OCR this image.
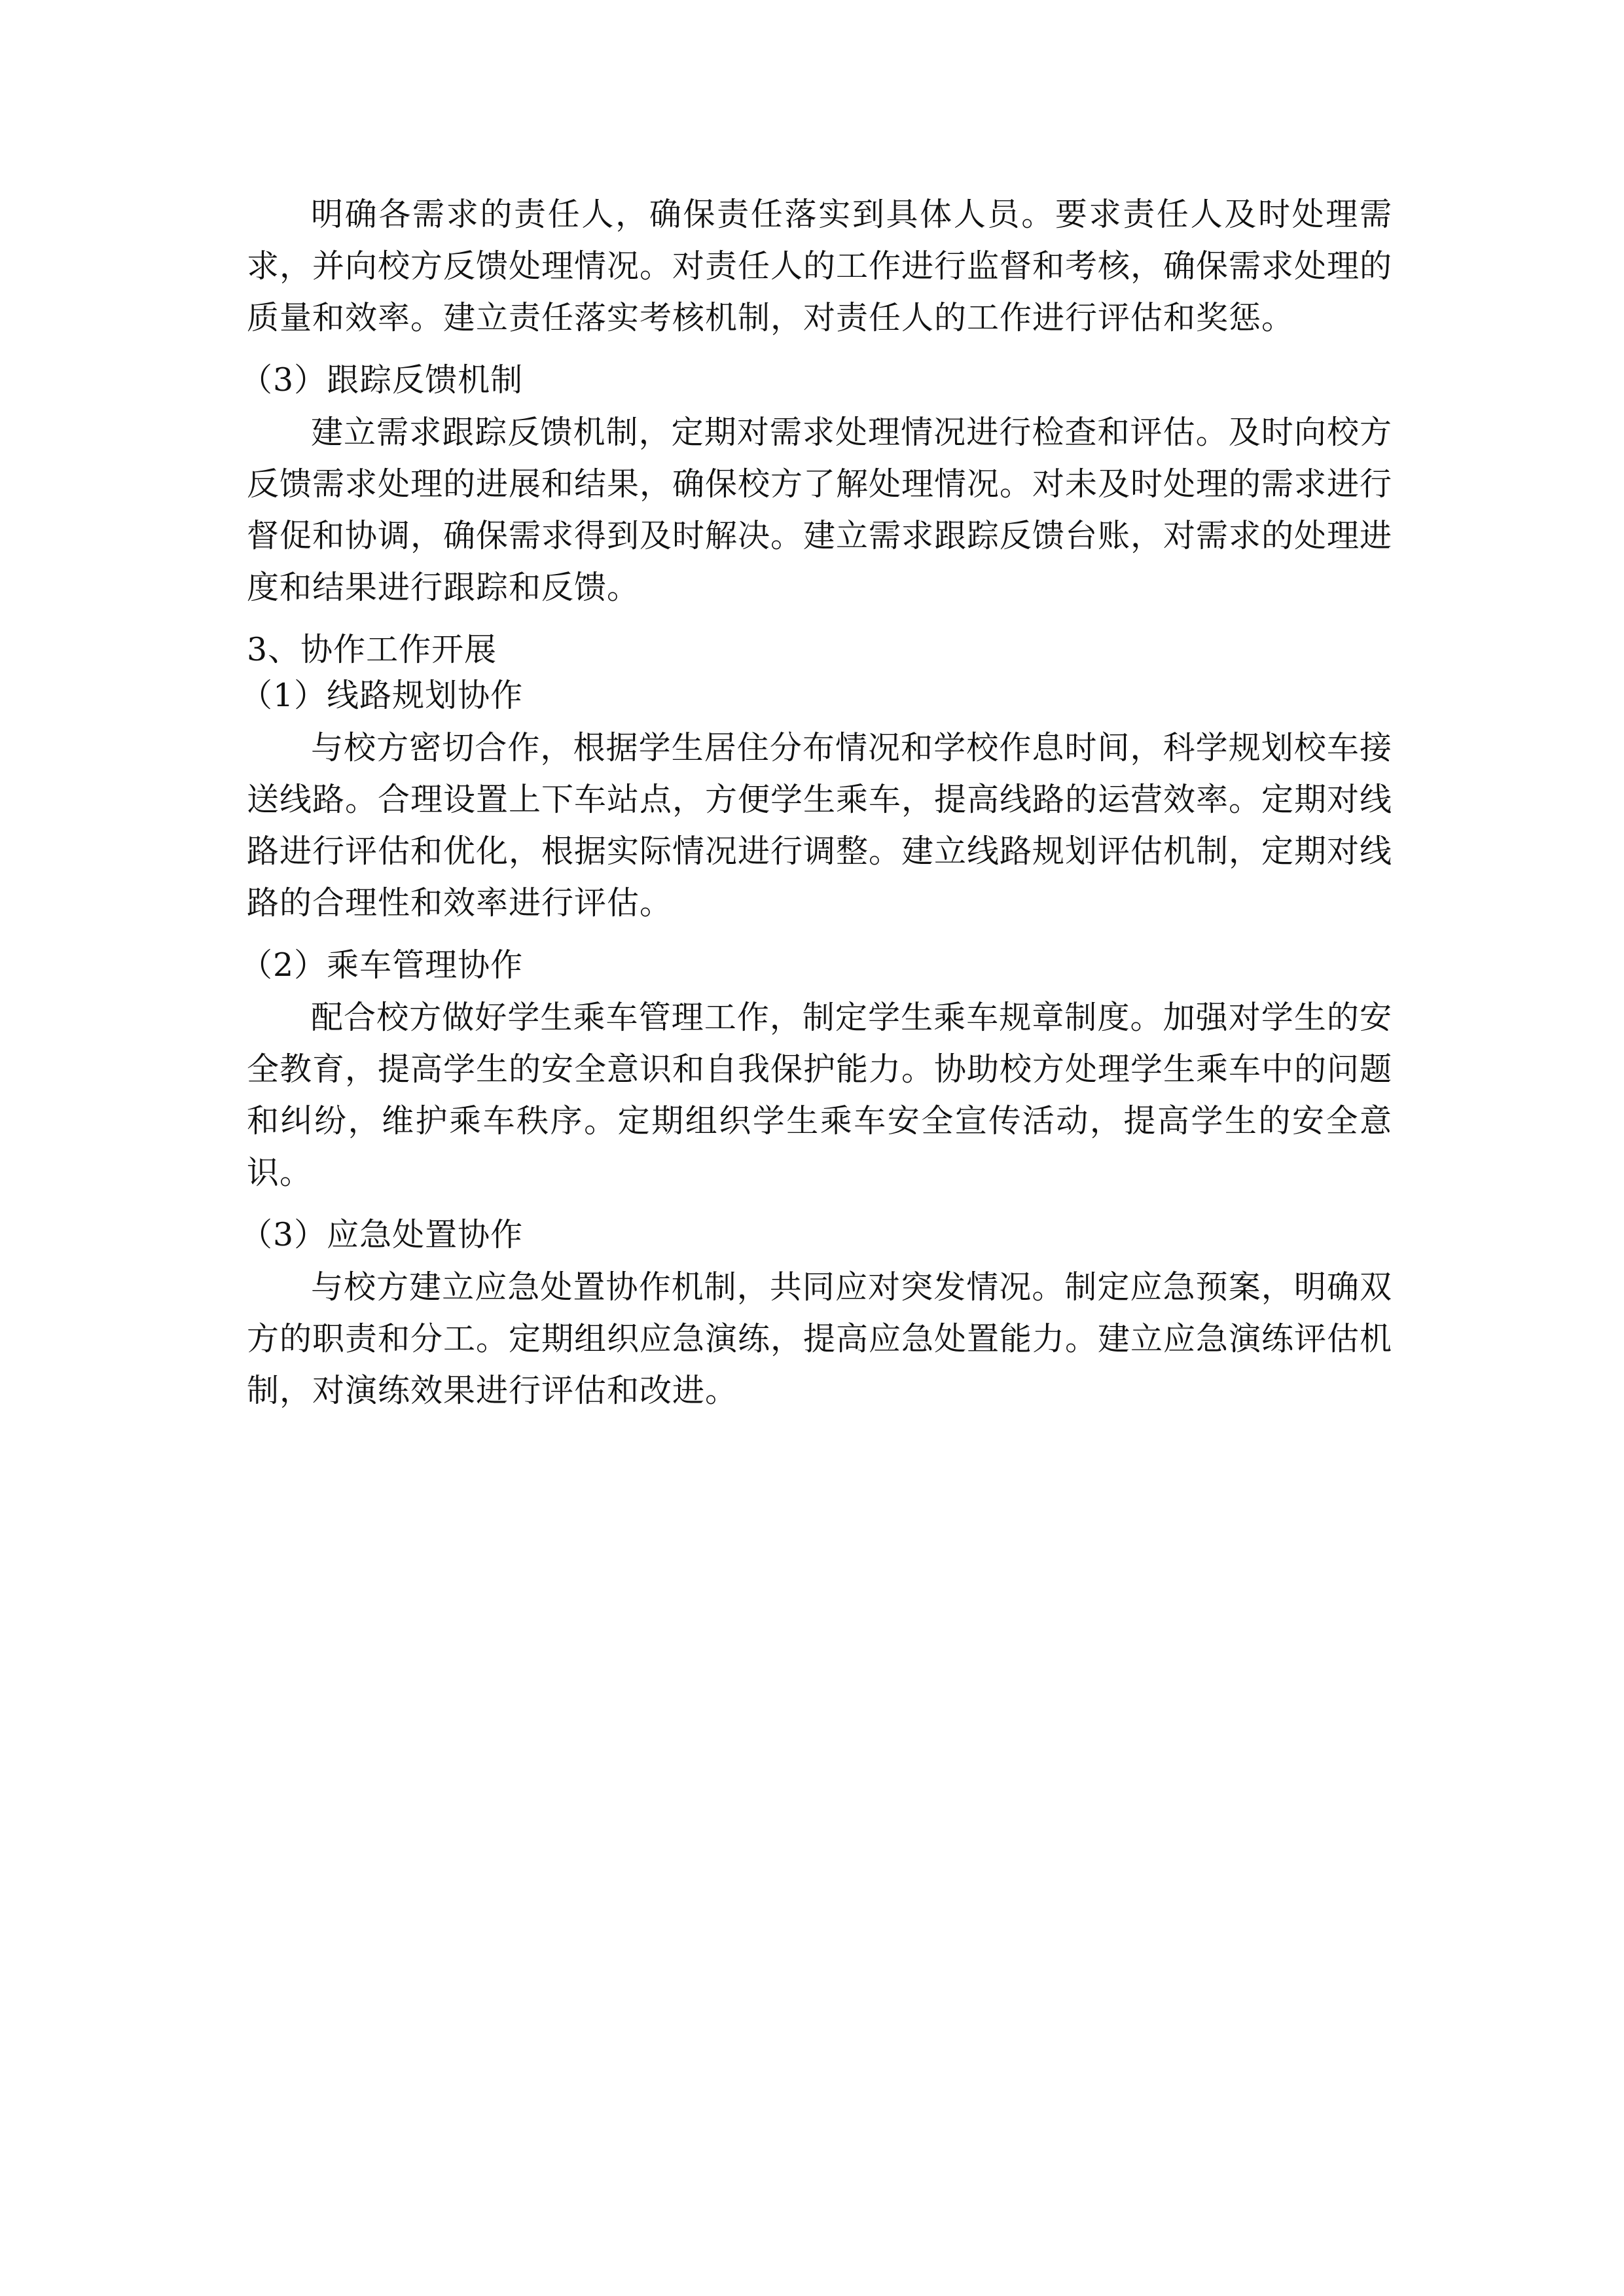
明确各需求的责任人，确保责任落实到具体人员。要求责任人及时处理需求，并向校方反馈处理情况。对责任人的工作进行监督和考核，确保需求处理的质量和效率。建立责任落实考核机制，对责任人的工作进行评估和奖惩。

（3）跟踪反馈机制

建立需求跟踪反馈机制，定期对需求处理情况进行检查和评估。及时向校方反馈需求处理的进展和结果，确保校方了解处理情况。对未及时处理的需求进行督促和协调，确保需求得到及时解决。建立需求跟踪反馈台账，对需求的处理进度和结果进行跟踪和反馈。

3、协作工作开展
（1）线路规划协作

与校方密切合作，根据学生居住分布情况和学校作息时间，科学规划校车接送线路。合理设置上下车站点，方便学生乘车，提高线路的运营效率。定期对线路进行评估和优化，根据实际情况进行调整。建立线路规划评估机制，定期对线路的合理性和效率进行评估。

（2）乘车管理协作

配合校方做好学生乘车管理工作，制定学生乘车规章制度。加强对学生的安全教育，提高学生的安全意识和自我保护能力。协助校方处理学生乘车中的问题和纠纷，维护乘车秩序。定期组织学生乘车安全宣传活动，提高学生的安全意识。

（3）应急处置协作

与校方建立应急处置协作机制，共同应对突发情况。制定应急预案，明确双方的职责和分工。定期组织应急演练，提高应急处置能力。建立应急演练评估机制，对演练效果进行评估和改进。
